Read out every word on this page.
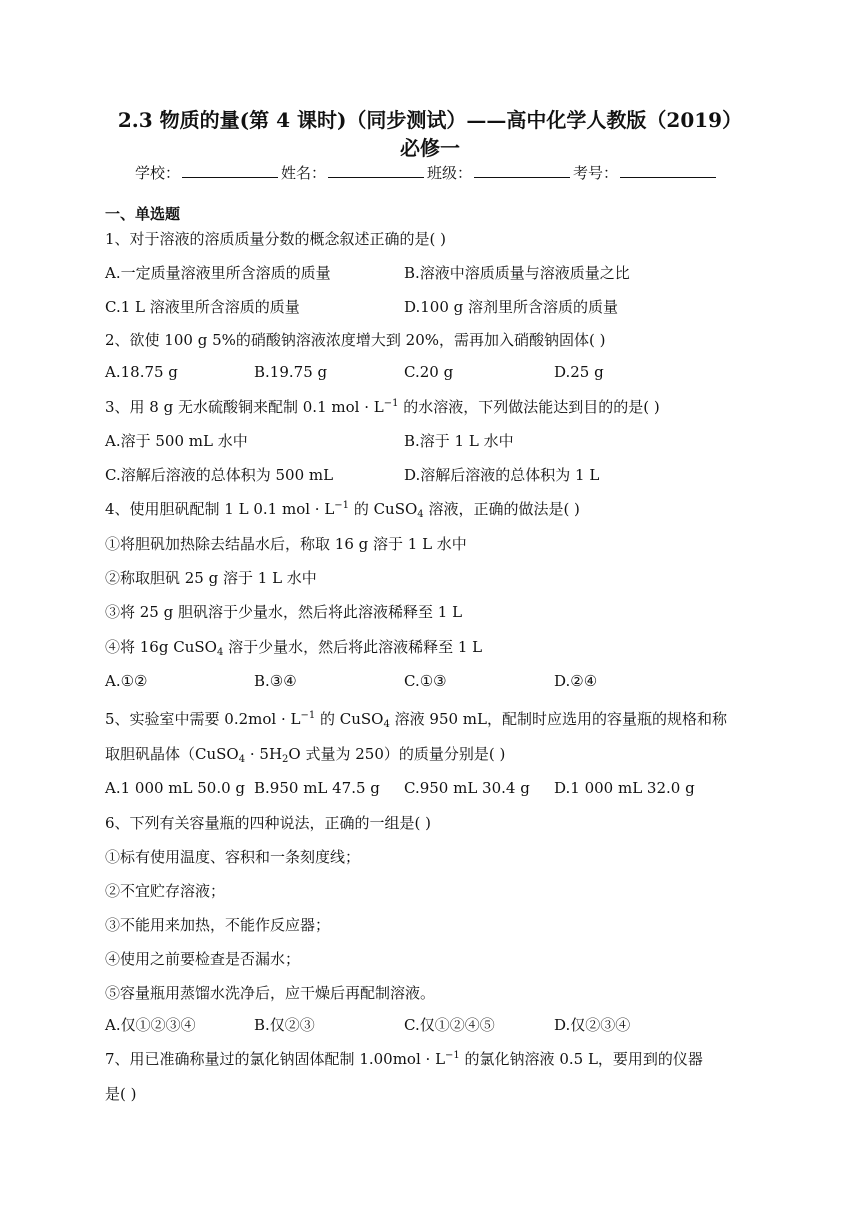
2.3 物质的量(第 4 课时)（同步测试）——高中化学人教版（2019）
必修一
学校：	姓名：	班级：	考号：
一、单选题
1、对于溶液的溶质质量分数的概念叙述正确的是( )
A.一定质量溶液里所含溶质的质量	B.溶液中溶质质量与溶液质量之比
C.1 L 溶液里所含溶质的质量	D.100 g 溶剂里所含溶质的质量
2、欲使 100 g 5%的硝酸钠溶液浓度增大到 20%，需再加入硝酸钠固体( )
A.18.75 g	B.19.75 g	C.20 g	D.25 g
3、用 8 g 无水硫酸铜来配制 0.1 mol · $L^{-1}$ 的水溶液，下列做法能达到目的的是( )
A.溶于 500 mL 水中	B.溶于 1 L 水中
C.溶解后溶液的总体积为 500 mL	D.溶解后溶液的总体积为 1 L
4、使用胆矾配制 1 L 0.1 mol · $L^{-1}$ 的 CuSO$_4$ 溶液，正确的做法是( )
①将胆矾加热除去结晶水后，称取 16 g 溶于 1 L 水中
②称取胆矾 25 g 溶于 1 L 水中
③将 25 g 胆矾溶于少量水，然后将此溶液稀释至 1 L
④将 16g CuSO$_4$ 溶于少量水，然后将此溶液稀释至 1 L
A.①②	B.③④	C.①③	D.②④
5、实验室中需要 $0.2mol \cdot L^{-1}$ 的 CuSO$_4$ 溶液 950 mL，配制时应选用的容量瓶的规格和称
取胆矾晶体（CuSO$_4$ · $5H_2O$ 式量为 250）的质量分别是( )
A.1 000 mL 50.0 g B.950 mL 47.5 g C.950 mL 30.4 g D.1 000 mL 32.0 g
6、下列有关容量瓶的四种说法，正确的一组是( )
①标有使用温度、容积和一条刻度线；
②不宜贮存溶液；
③不能用来加热，不能作反应器；
④使用之前要检查是否漏水；
⑤容量瓶用蒸馏水洗净后，应干燥后再配制溶液。
A.仅①②③④	B.仅②③	C.仅①②④⑤	D.仅②③④
7、用已准确称量过的氯化钠固体配制 $1.00mol \cdot L^{-1}$ 的氯化钠溶液 0.5 L，要用到的仪器
是( )
